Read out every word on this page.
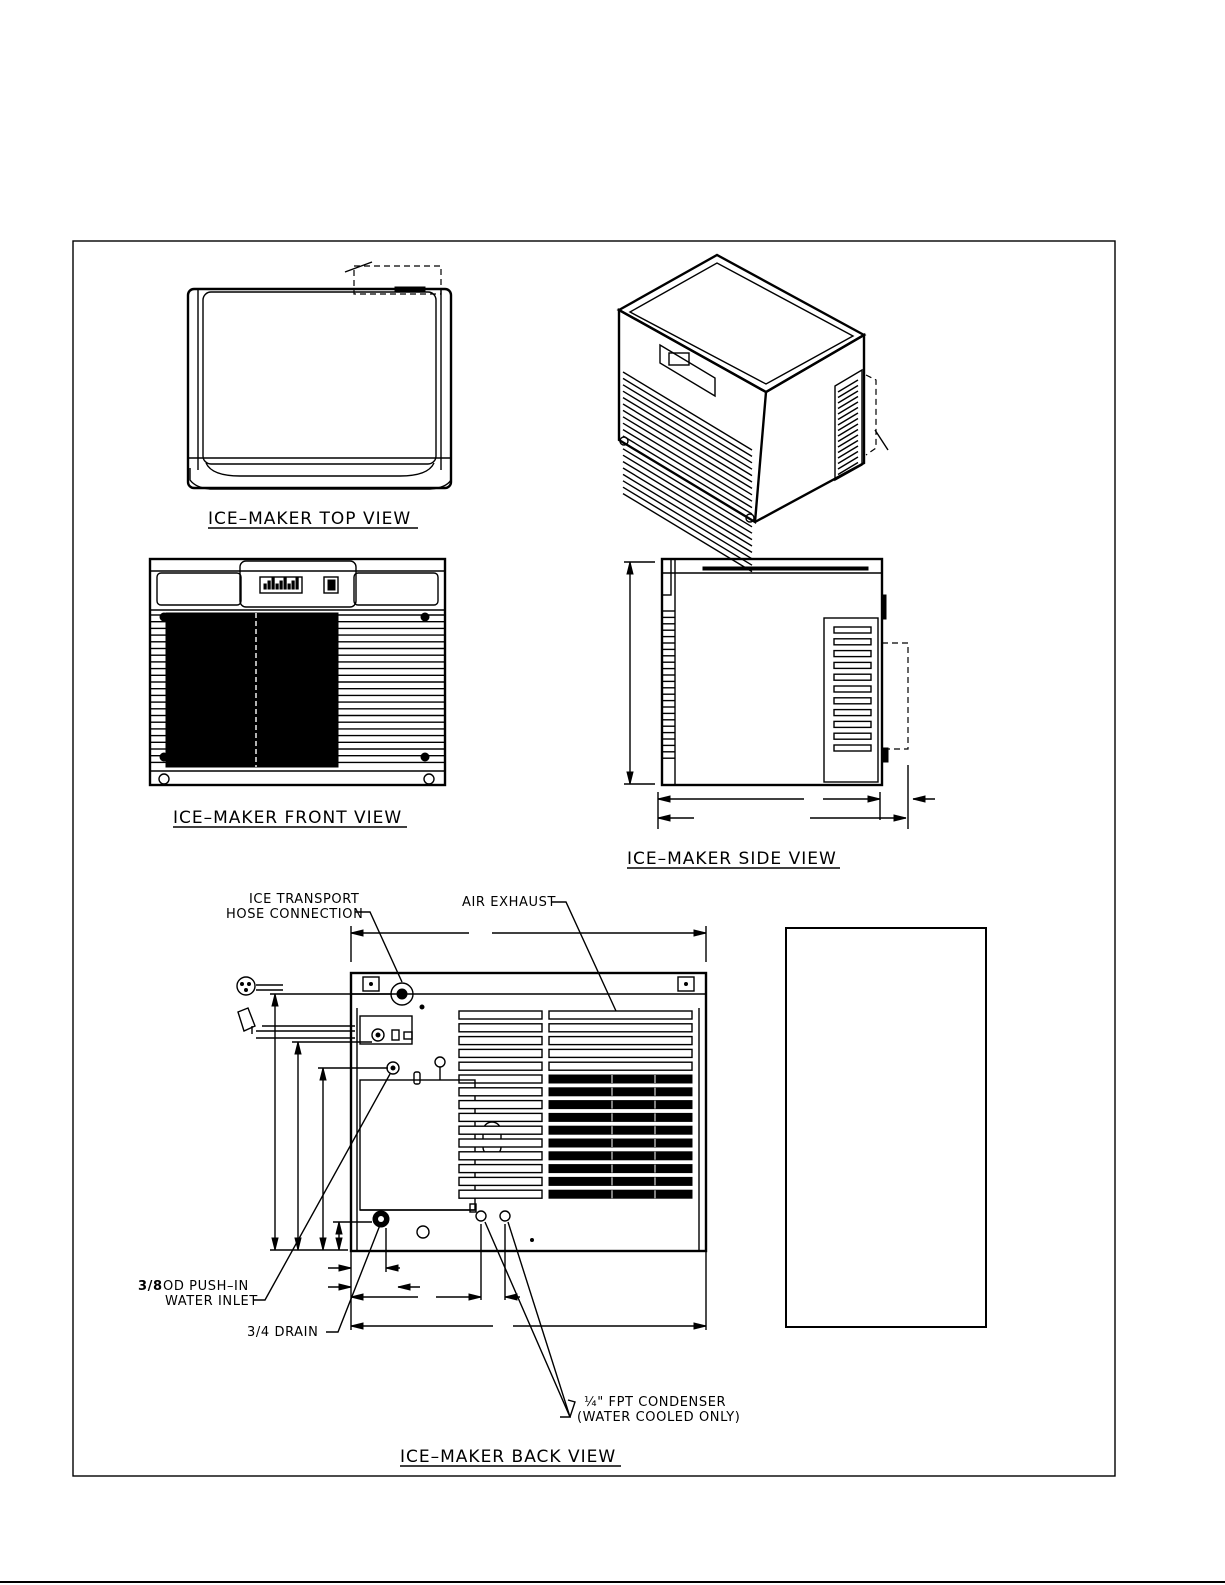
ICE–MAKER TOP VIEW
ICE–MAKER FRONT VIEW
ICE–MAKER SIDE VIEW
ICE TRANSPORT
HOSE CONNECTION
AIR EXHAUST
3/8 OD PUSH–IN
WATER INLET
3/4 DRAIN
¼" FPT CONDENSER
(WATER COOLED ONLY)
ICE–MAKER BACK VIEW
